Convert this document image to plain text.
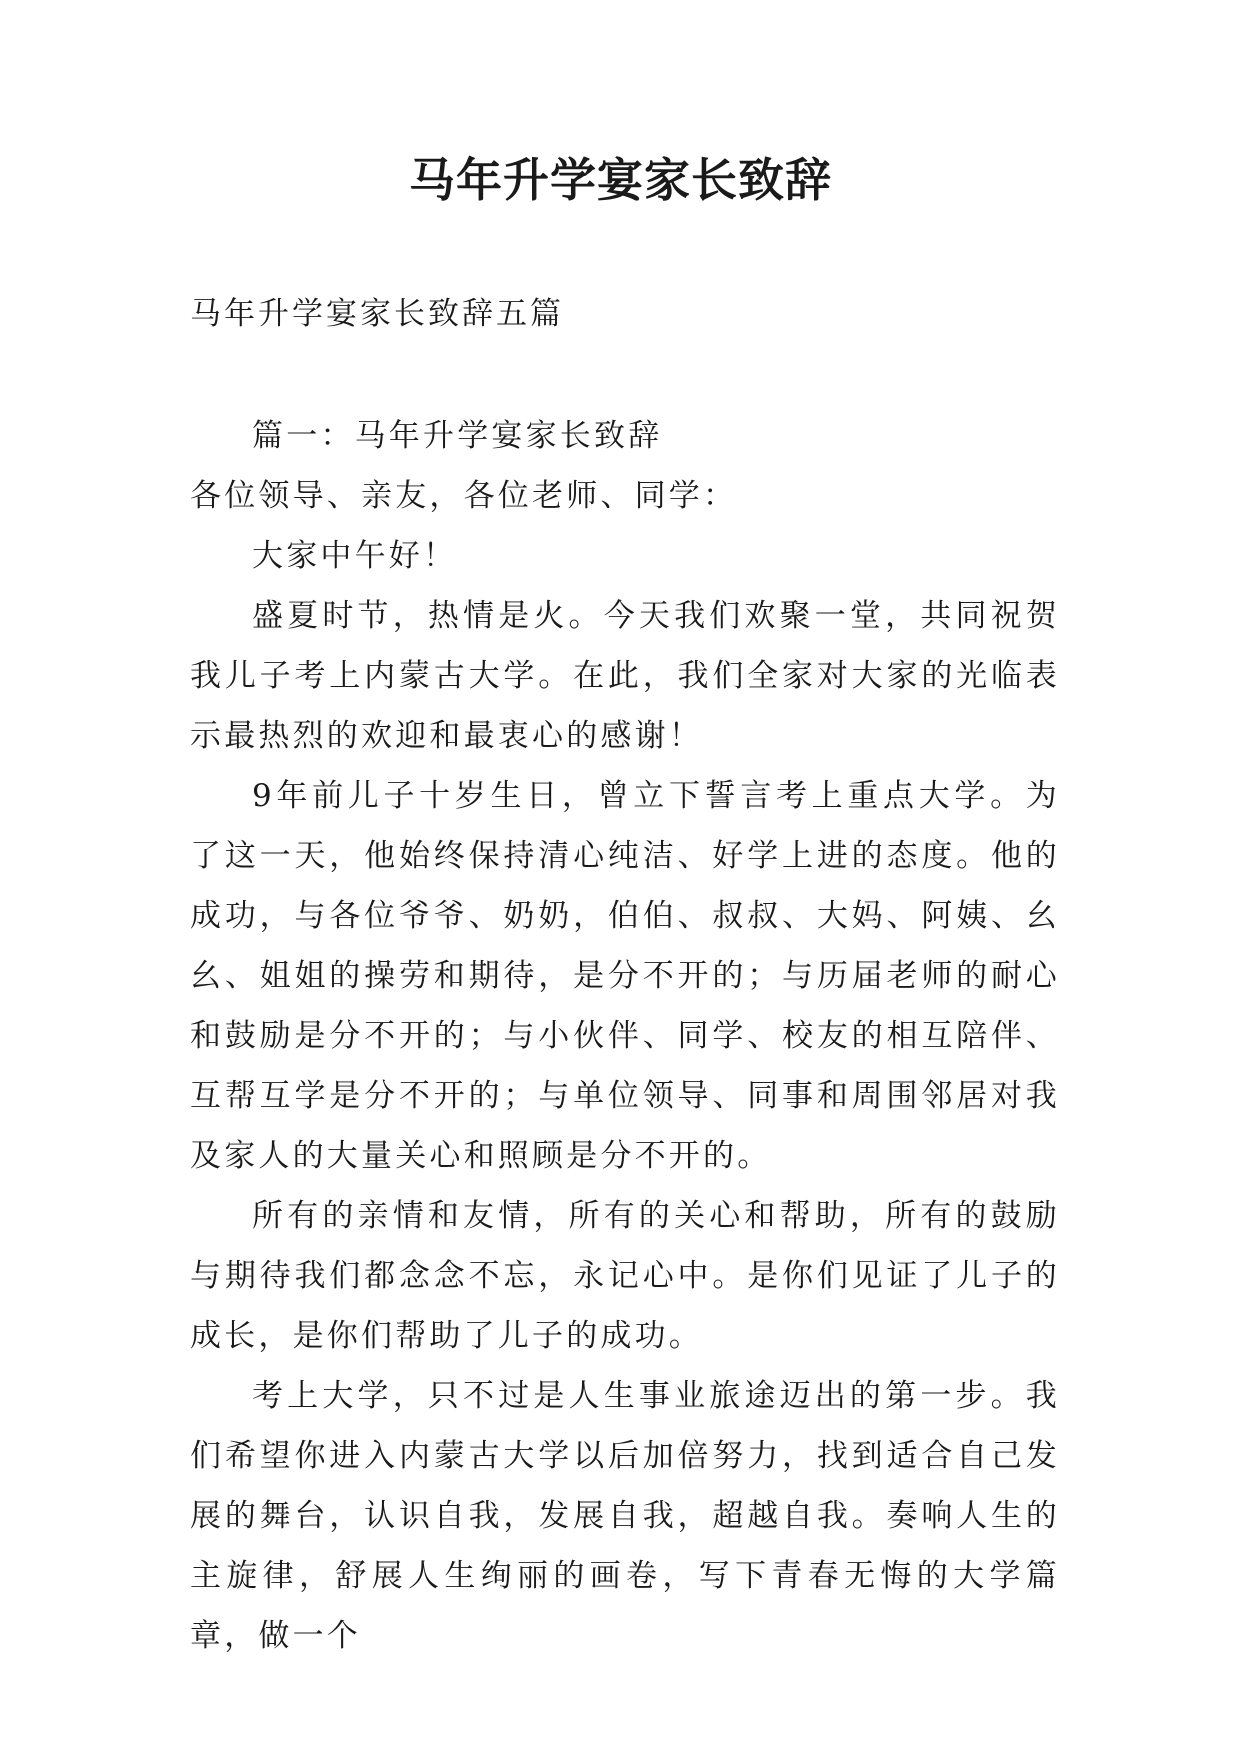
马年升学宴家长致辞
马年升学宴家长致辞五篇

篇一：马年升学宴家长致辞

各位领导、亲友，各位老师、同学：

大家中午好！

盛夏时节，热情是火。今天我们欢聚一堂，共同祝贺我儿子考上内蒙古大学。在此，我们全家对大家的光临表示最热烈的欢迎和最衷心的感谢！

9年前儿子十岁生日，曾立下誓言考上重点大学。为了这一天，他始终保持清心纯洁、好学上进的态度。他的成功，与各位爷爷、奶奶，伯伯、叔叔、大妈、阿姨、幺幺、姐姐的操劳和期待，是分不开的；与历届老师的耐心和鼓励是分不开的；与小伙伴、同学、校友的相互陪伴、互帮互学是分不开的；与单位领导、同事和周围邻居对我及家人的大量关心和照顾是分不开的。

所有的亲情和友情，所有的关心和帮助，所有的鼓励与期待我们都念念不忘，永记心中。是你们见证了儿子的成长，是你们帮助了儿子的成功。

考上大学，只不过是人生事业旅途迈出的第一步。我们希望你进入内蒙古大学以后加倍努力，找到适合自己发展的舞台，认识自我，发展自我，超越自我。奏响人生的主旋律，舒展人生绚丽的画卷，写下青春无悔的大学篇章，做一个
